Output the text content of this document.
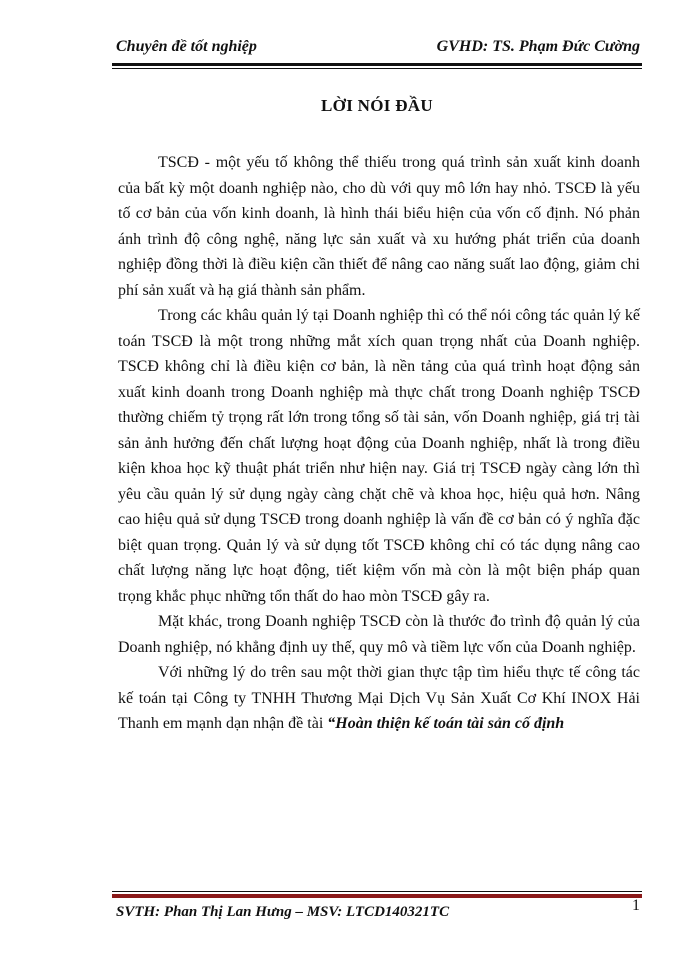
Chuyên đề tốt nghiệp	GVHD: TS. Phạm Đức Cường
LỜI NÓI ĐẦU

TSCĐ - một yếu tố không thể thiếu trong quá trình sản xuất kinh doanh của bất kỳ một doanh nghiệp nào, cho dù với quy mô lớn hay nhỏ. TSCĐ là yếu tố cơ bản của vốn kinh doanh, là hình thái biểu hiện của vốn cố định. Nó phản ánh trình độ công nghệ, năng lực sản xuất và xu hướng phát triển của doanh nghiệp đồng thời là điều kiện cần thiết để nâng cao năng suất lao động, giảm chi phí sản xuất và hạ giá thành sản phẩm.

Trong các khâu quản lý tại Doanh nghiệp thì có thể nói công tác quản lý kế toán TSCĐ là một trong những mắt xích quan trọng nhất của Doanh nghiệp. TSCĐ không chỉ là điều kiện cơ bản, là nền tảng của quá trình hoạt động sản xuất kinh doanh trong Doanh nghiệp mà thực chất trong Doanh nghiệp TSCĐ thường chiếm tỷ trọng rất lớn trong tổng số tài sản, vốn Doanh nghiệp, giá trị tài sản ảnh hưởng đến chất lượng hoạt động của Doanh nghiệp, nhất là trong điều kiện khoa học kỹ thuật phát triển như hiện nay. Giá trị TSCĐ ngày càng lớn thì yêu cầu quản lý sử dụng ngày càng chặt chẽ và khoa học, hiệu quả hơn. Nâng cao hiệu quả sử dụng TSCĐ trong doanh nghiệp là vấn đề cơ bản có ý nghĩa đặc biệt quan trọng. Quản lý và sử dụng tốt TSCĐ không chỉ có tác dụng nâng cao chất lượng năng lực hoạt động, tiết kiệm vốn mà còn là một biện pháp quan trọng khắc phục những tổn thất do hao mòn TSCĐ gây ra.

Mặt khác, trong Doanh nghiệp TSCĐ còn là thước đo trình độ quản lý của Doanh nghiệp, nó khẳng định uy thế, quy mô và tiềm lực vốn của Doanh nghiệp.

Với những lý do trên sau một thời gian thực tập tìm hiểu thực tế công tác kế toán tại Công ty TNHH Thương Mại Dịch Vụ Sản Xuất Cơ Khí INOX Hải Thanh em mạnh dạn nhận đề tài “Hoàn thiện kế toán tài sản cố định

1
SVTH: Phan Thị Lan Hưng – MSV: LTCD140321TC
